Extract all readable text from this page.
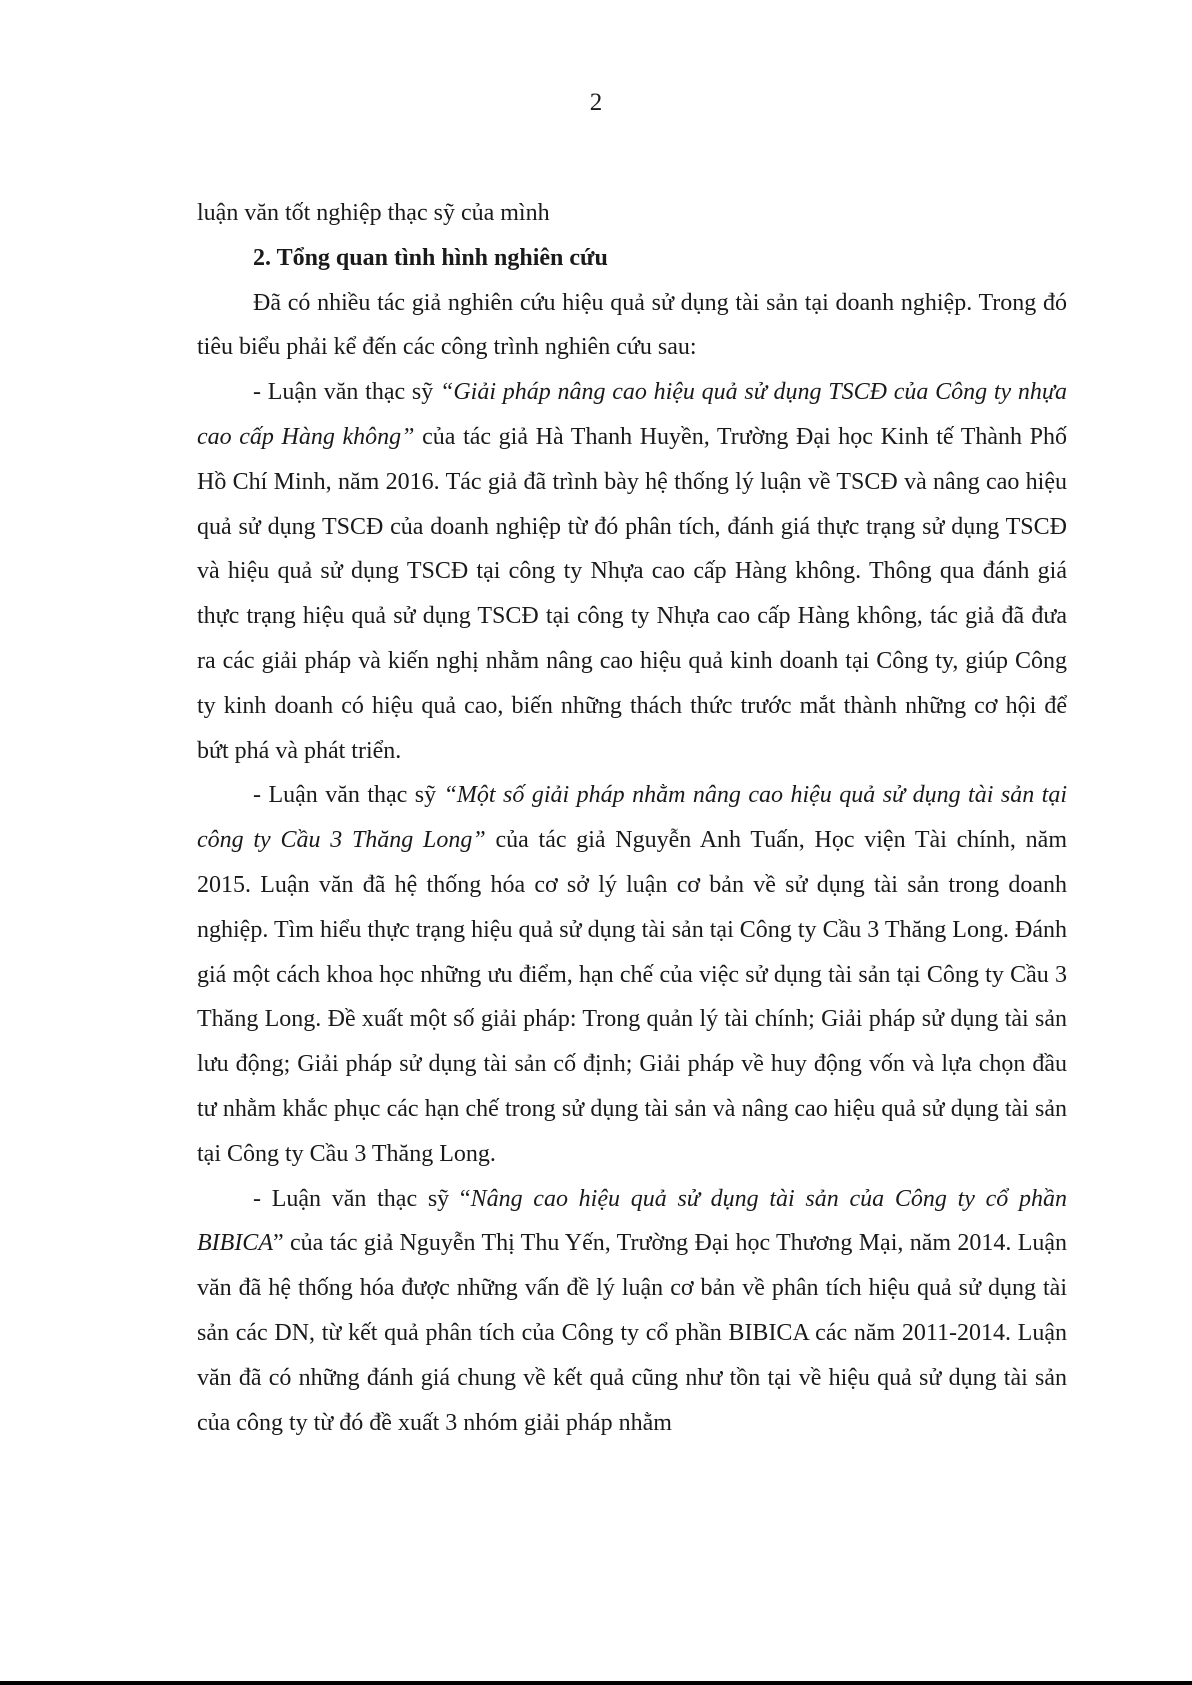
2

luận văn tốt nghiệp thạc sỹ của mình

2. Tổng quan tình hình nghiên cứu

Đã có nhiều tác giả nghiên cứu hiệu quả sử dụng tài sản tại doanh nghiệp. Trong đó tiêu biểu phải kể đến các công trình nghiên cứu sau:

- Luận văn thạc sỹ “Giải pháp nâng cao hiệu quả sử dụng TSCĐ của Công ty nhựa cao cấp Hàng không” của tác giả Hà Thanh Huyền, Trường Đại học Kinh tế Thành Phố Hồ Chí Minh, năm 2016. Tác giả đã trình bày hệ thống lý luận về TSCĐ và nâng cao hiệu quả sử dụng TSCĐ của doanh nghiệp từ đó phân tích, đánh giá thực trạng sử dụng TSCĐ và hiệu quả sử dụng TSCĐ tại công ty Nhựa cao cấp Hàng không. Thông qua đánh giá thực trạng hiệu quả sử dụng TSCĐ tại công ty Nhựa cao cấp Hàng không, tác giả đã đưa ra các giải pháp và kiến nghị nhằm nâng cao hiệu quả kinh doanh tại Công ty, giúp Công ty kinh doanh có hiệu quả cao, biến những thách thức trước mắt thành những cơ hội để bứt phá và phát triển.

- Luận văn thạc sỹ “Một số giải pháp nhằm nâng cao hiệu quả sử dụng tài sản tại công ty Cầu 3 Thăng Long” của tác giả Nguyễn Anh Tuấn, Học viện Tài chính, năm 2015. Luận văn đã hệ thống hóa cơ sở lý luận cơ bản về sử dụng tài sản trong doanh nghiệp. Tìm hiểu thực trạng hiệu quả sử dụng tài sản tại Công ty Cầu 3 Thăng Long. Đánh giá một cách khoa học những ưu điểm, hạn chế của việc sử dụng tài sản tại Công ty Cầu 3 Thăng Long. Đề xuất một số giải pháp: Trong quản lý tài chính; Giải pháp sử dụng tài sản lưu động; Giải pháp sử dụng tài sản cố định; Giải pháp về huy động vốn và lựa chọn đầu tư nhằm khắc phục các hạn chế trong sử dụng tài sản và nâng cao hiệu quả sử dụng tài sản tại Công ty Cầu 3 Thăng Long.

- Luận văn thạc sỹ “Nâng cao hiệu quả sử dụng tài sản của Công ty cổ phần BIBICA” của tác giả Nguyễn Thị Thu Yến, Trường Đại học Thương Mại, năm 2014. Luận văn đã hệ thống hóa được những vấn đề lý luận cơ bản về phân tích hiệu quả sử dụng tài sản các DN, từ kết quả phân tích của Công ty cổ phần BIBICA các năm 2011-2014. Luận văn đã có những đánh giá chung về kết quả cũng như tồn tại về hiệu quả sử dụng tài sản của công ty từ đó đề xuất 3 nhóm giải pháp nhằm
